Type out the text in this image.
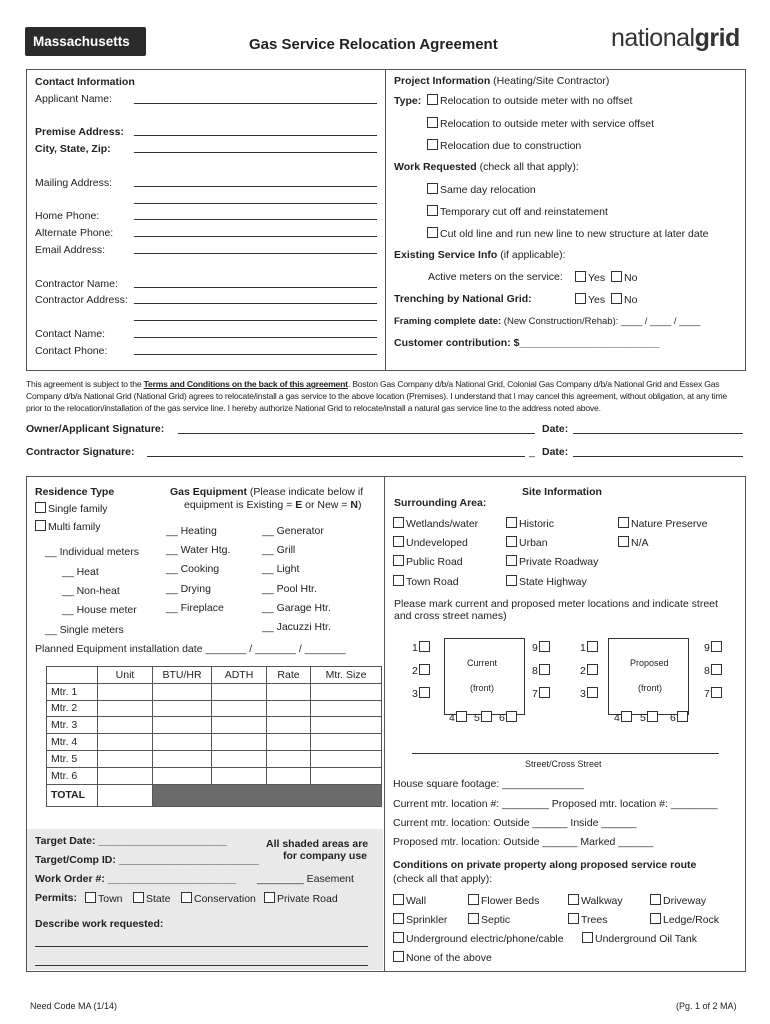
Massachusetts	Gas Service Relocation Agreement	nationalgrid
Contact Information
Applicant Name:
Premise Address:
City, State, Zip:
Mailing Address:
Home Phone:
Alternate Phone:
Email Address:
Contractor Name:
Contractor Address:
Contact Name:
Contact Phone:
Project Information (Heating/Site Contractor)
Type:	Relocation to outside meter with no offset
Relocation to outside meter with service offset
Relocation due to construction
Work Requested (check all that apply):
Same day relocation
Temporary cut off and reinstatement
Cut old line and run new line to new structure at later date
Existing Service Info (if applicable):
Active meters on the service:	Yes	No
Trenching by National Grid:	Yes	No
Framing complete date: (New Construction/Rehab): ____ / ____ / ____
Customer contribution: $________________________
This agreement is subject to the Terms and Conditions on the back of this agreement. Boston Gas Company d/b/a National Grid, Colonial Gas Company d/b/a National Grid and Essex Gas Company d/b/a National Grid (National Grid) agrees to relocate/install a gas service to the above location (Premises). I understand that I may cancel this agreement, without obligation, at any time prior to the relocation/installation of the gas service line. I hereby authorize National Grid to relocate/install a natural gas service line to the address noted above.
Owner/Applicant Signature:	Date:
Contractor Signature:	_ Date:
Residence Type
Single family
Multi family
__ Individual meters
__ Heat
__ Non-heat
__ House meter
__ Single meters
Gas Equipment (Please indicate below if
equipment is Existing = E or New = N)
__ Heating
__ Water Htg.
__ Cooking
__ Drying
__ Fireplace
__ Generator
__ Grill
__ Light
__ Pool Htr.
__ Garage Htr.
__ Jacuzzi Htr.
Planned Equipment installation date _______ / _______ / _______
	Unit	BTU/HR	ADTH	Rate	Mtr. Size
Mtr. 1					
Mtr. 2					
Mtr. 3					
Mtr. 4					
Mtr. 5					
Mtr. 6					
TOTAL					
Target Date: ______________________
Target/Comp ID: ________________________
Work Order #: ______________________ ________ Easement
All shaded areas are
for company use
Permits:	Town	State	Conservation	Private Road
Describe work requested:
Site Information
Surrounding Area:
Wetlands/water
Undeveloped
Public Road
Town Road
Historic
Urban
Private Roadway
State Highway
Nature Preserve
N/A
Please mark current and proposed meter locations and indicate street and cross street names)
Current
(front)
1
2
3
4	5	6
7
8
9
Proposed
(front)
1
2
3
4	5	6
7
8
9
Street/Cross Street
House square footage: ______________
Current mtr. location #: ________ Proposed mtr. location #: ________
Current mtr. location: Outside ______ Inside ______
Proposed mtr. location: Outside ______ Marked ______
Conditions on private property along proposed service route
(check all that apply):
Wall	Flower Beds	Walkway	Driveway
Sprinkler	Septic	Trees	Ledge/Rock
Underground electric/phone/cable	Underground Oil Tank
None of the above
Need Code MA (1/14)	(Pg. 1 of 2 MA)
